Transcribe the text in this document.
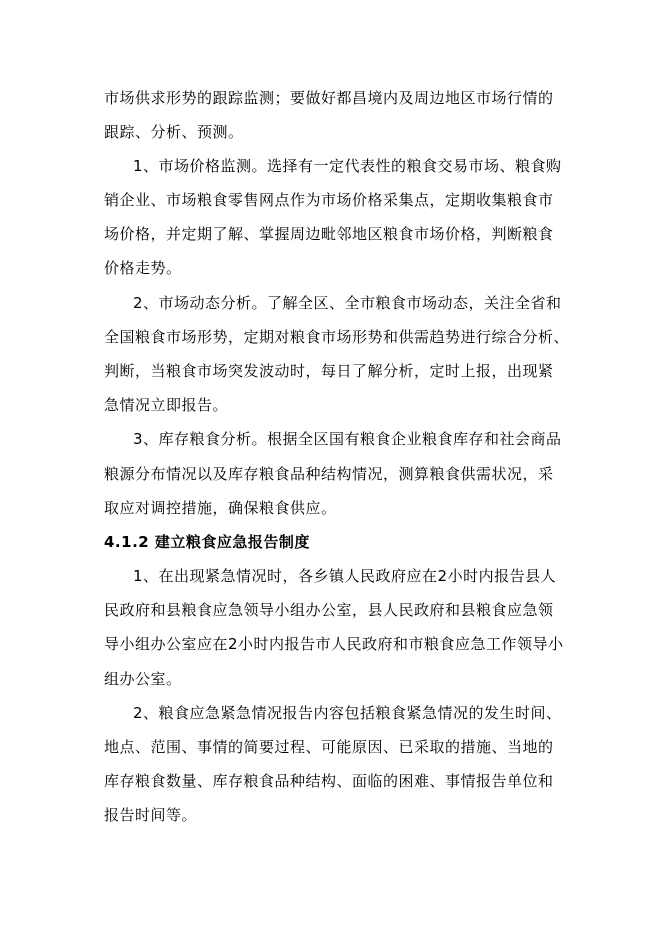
市场供求形势的跟踪监测；要做好都昌境内及周边地区市场行情的
跟踪、分析、预测。
1、市场价格监测。选择有一定代表性的粮食交易市场、粮食购
销企业、市场粮食零售网点作为市场价格采集点，定期收集粮食市
场价格，并定期了解、掌握周边毗邻地区粮食市场价格，判断粮食
价格走势。
2、市场动态分析。了解全区、全市粮食市场动态，关注全省和
全国粮食市场形势，定期对粮食市场形势和供需趋势进行综合分析、
判断，当粮食市场突发波动时，每日了解分析，定时上报，出现紧
急情况立即报告。
3、库存粮食分析。根据全区国有粮食企业粮食库存和社会商品
粮源分布情况以及库存粮食品种结构情况，测算粮食供需状况，采
取应对调控措施，确保粮食供应。
4.1.2 建立粮食应急报告制度
1、在出现紧急情况时，各乡镇人民政府应在2小时内报告县人
民政府和县粮食应急领导小组办公室，县人民政府和县粮食应急领
导小组办公室应在2小时内报告市人民政府和市粮食应急工作领导小
组办公室。
2、粮食应急紧急情况报告内容包括粮食紧急情况的发生时间、
地点、范围、事情的简要过程、可能原因、已采取的措施、当地的
库存粮食数量、库存粮食品种结构、面临的困难、事情报告单位和
报告时间等。
